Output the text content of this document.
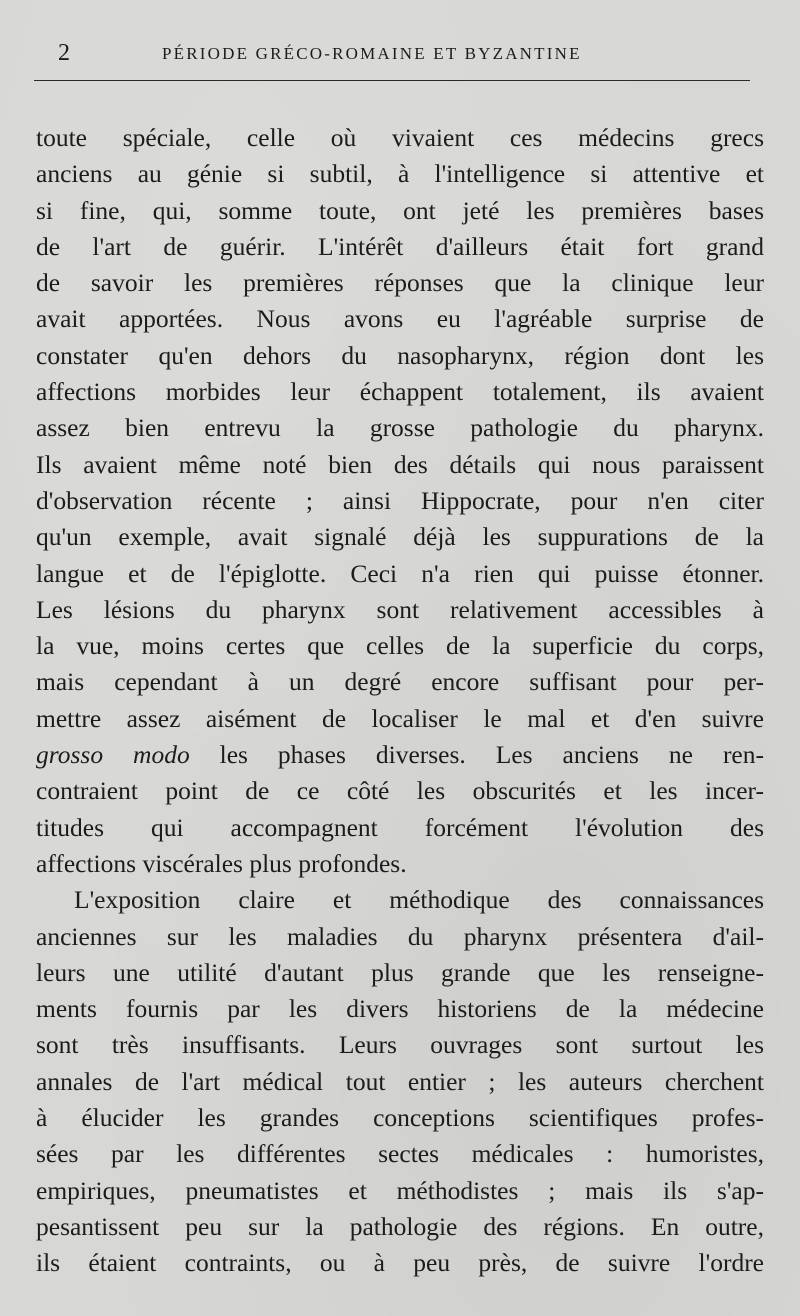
2	PÉRIODE GRÉCO-ROMAINE ET BYZANTINE
toute spéciale, celle où vivaient ces médecins grecs
anciens au génie si subtil, à l'intelligence si attentive et
si fine, qui, somme toute, ont jeté les premières bases
de l'art de guérir. L'intérêt d'ailleurs était fort grand
de savoir les premières réponses que la clinique leur
avait apportées. Nous avons eu l'agréable surprise de
constater qu'en dehors du nasopharynx, région dont les
affections morbides leur échappent totalement, ils avaient
assez bien entrevu la grosse pathologie du pharynx.
Ils avaient même noté bien des détails qui nous paraissent
d'observation récente ; ainsi Hippocrate, pour n'en citer
qu'un exemple, avait signalé déjà les suppurations de la
langue et de l'épiglotte. Ceci n'a rien qui puisse étonner.
Les lésions du pharynx sont relativement accessibles à
la vue, moins certes que celles de la superficie du corps,
mais cependant à un degré encore suffisant pour per-
mettre assez aisément de localiser le mal et d'en suivre
grosso modo les phases diverses. Les anciens ne ren-
contraient point de ce côté les obscurités et les incer-
titudes qui accompagnent forcément l'évolution des
affections viscérales plus profondes.
L'exposition claire et méthodique des connaissances
anciennes sur les maladies du pharynx présentera d'ail-
leurs une utilité d'autant plus grande que les renseigne-
ments fournis par les divers historiens de la médecine
sont très insuffisants. Leurs ouvrages sont surtout les
annales de l'art médical tout entier ; les auteurs cherchent
à élucider les grandes conceptions scientifiques profes-
sées par les différentes sectes médicales : humoristes,
empiriques, pneumatistes et méthodistes ; mais ils s'ap-
pesantissent peu sur la pathologie des régions. En outre,
ils étaient contraints, ou à peu près, de suivre l'ordre
